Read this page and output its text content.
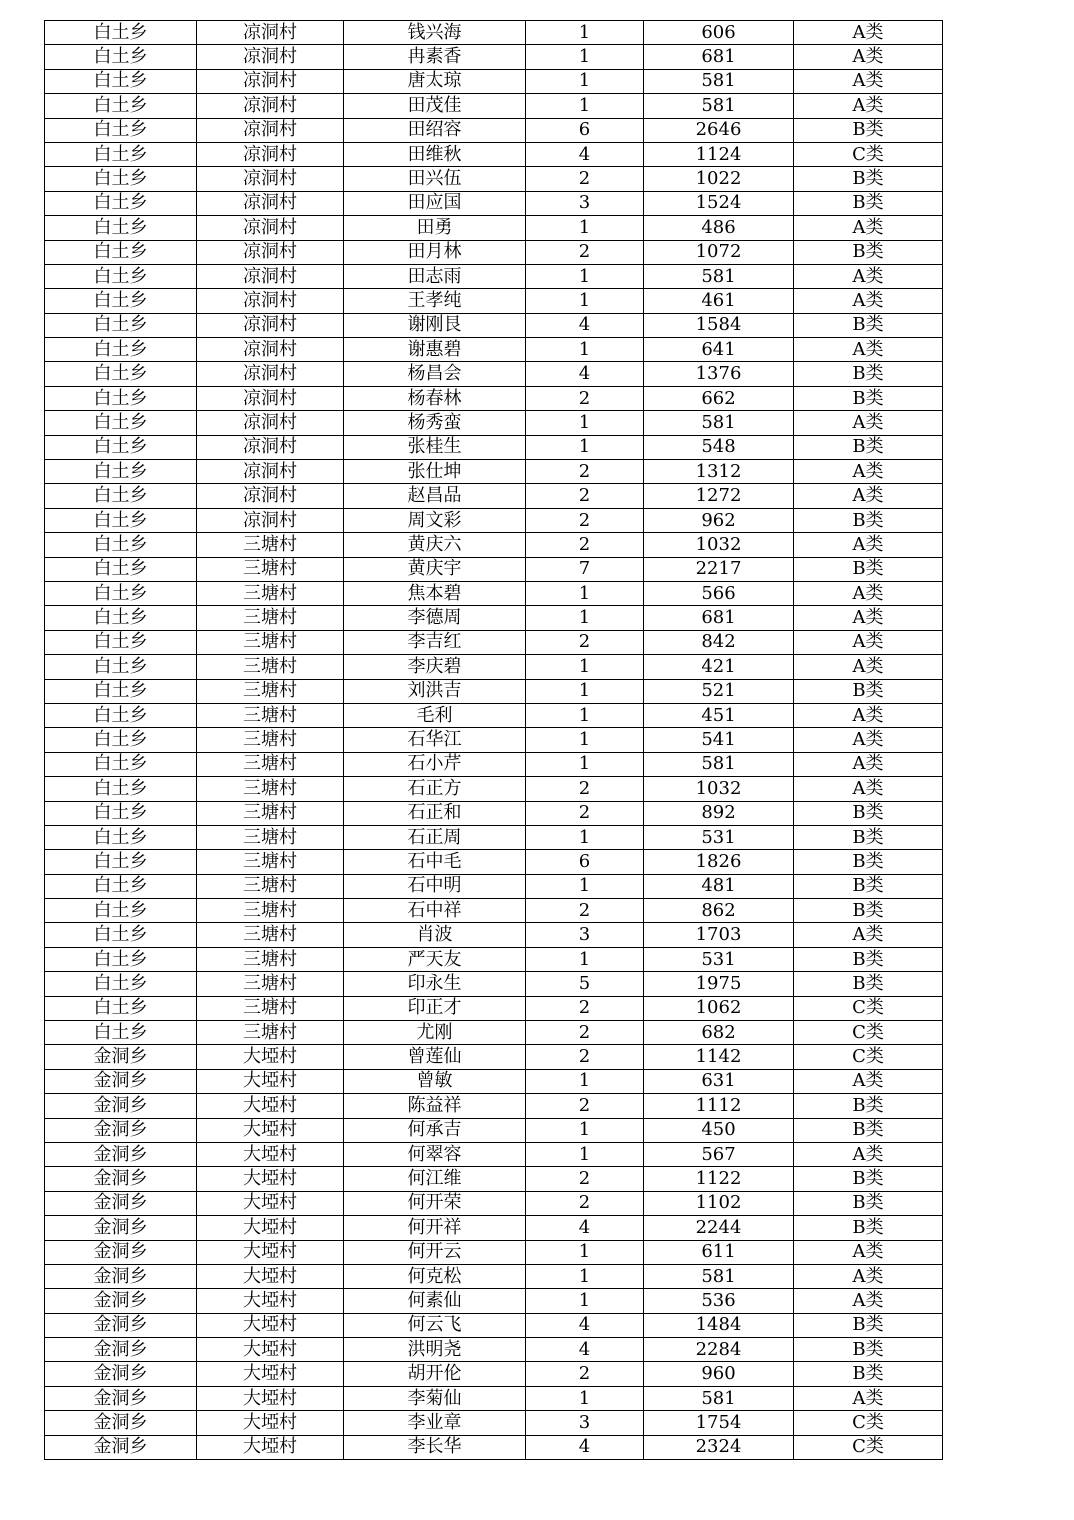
白土乡	凉洞村	钱兴海	1	606	A类
白土乡	凉洞村	冉素香	1	681	A类
白土乡	凉洞村	唐太琼	1	581	A类
白土乡	凉洞村	田茂佳	1	581	A类
白土乡	凉洞村	田绍容	6	2646	B类
白土乡	凉洞村	田维秋	4	1124	C类
白土乡	凉洞村	田兴伍	2	1022	B类
白土乡	凉洞村	田应国	3	1524	B类
白土乡	凉洞村	田勇	1	486	A类
白土乡	凉洞村	田月林	2	1072	B类
白土乡	凉洞村	田志雨	1	581	A类
白土乡	凉洞村	王孝纯	1	461	A类
白土乡	凉洞村	谢刚艮	4	1584	B类
白土乡	凉洞村	谢惠碧	1	641	A类
白土乡	凉洞村	杨昌会	4	1376	B类
白土乡	凉洞村	杨春林	2	662	B类
白土乡	凉洞村	杨秀蛮	1	581	A类
白土乡	凉洞村	张桂生	1	548	B类
白土乡	凉洞村	张仕坤	2	1312	A类
白土乡	凉洞村	赵昌品	2	1272	A类
白土乡	凉洞村	周文彩	2	962	B类
白土乡	三塘村	黄庆六	2	1032	A类
白土乡	三塘村	黄庆宇	7	2217	B类
白土乡	三塘村	焦本碧	1	566	A类
白土乡	三塘村	李德周	1	681	A类
白土乡	三塘村	李吉红	2	842	A类
白土乡	三塘村	李庆碧	1	421	A类
白土乡	三塘村	刘洪吉	1	521	B类
白土乡	三塘村	毛利	1	451	A类
白土乡	三塘村	石华江	1	541	A类
白土乡	三塘村	石小芹	1	581	A类
白土乡	三塘村	石正方	2	1032	A类
白土乡	三塘村	石正和	2	892	B类
白土乡	三塘村	石正周	1	531	B类
白土乡	三塘村	石中毛	6	1826	B类
白土乡	三塘村	石中明	1	481	B类
白土乡	三塘村	石中祥	2	862	B类
白土乡	三塘村	肖波	3	1703	A类
白土乡	三塘村	严天友	1	531	B类
白土乡	三塘村	印永生	5	1975	B类
白土乡	三塘村	印正才	2	1062	C类
白土乡	三塘村	尤刚	2	682	C类
金洞乡	大埡村	曾莲仙	2	1142	C类
金洞乡	大埡村	曾敏	1	631	A类
金洞乡	大埡村	陈益祥	2	1112	B类
金洞乡	大埡村	何承吉	1	450	B类
金洞乡	大埡村	何翠容	1	567	A类
金洞乡	大埡村	何江维	2	1122	B类
金洞乡	大埡村	何开荣	2	1102	B类
金洞乡	大埡村	何开祥	4	2244	B类
金洞乡	大埡村	何开云	1	611	A类
金洞乡	大埡村	何克松	1	581	A类
金洞乡	大埡村	何素仙	1	536	A类
金洞乡	大埡村	何云飞	4	1484	B类
金洞乡	大埡村	洪明尧	4	2284	B类
金洞乡	大埡村	胡开伦	2	960	B类
金洞乡	大埡村	李菊仙	1	581	A类
金洞乡	大埡村	李业章	3	1754	C类
金洞乡	大埡村	李长华	4	2324	C类
